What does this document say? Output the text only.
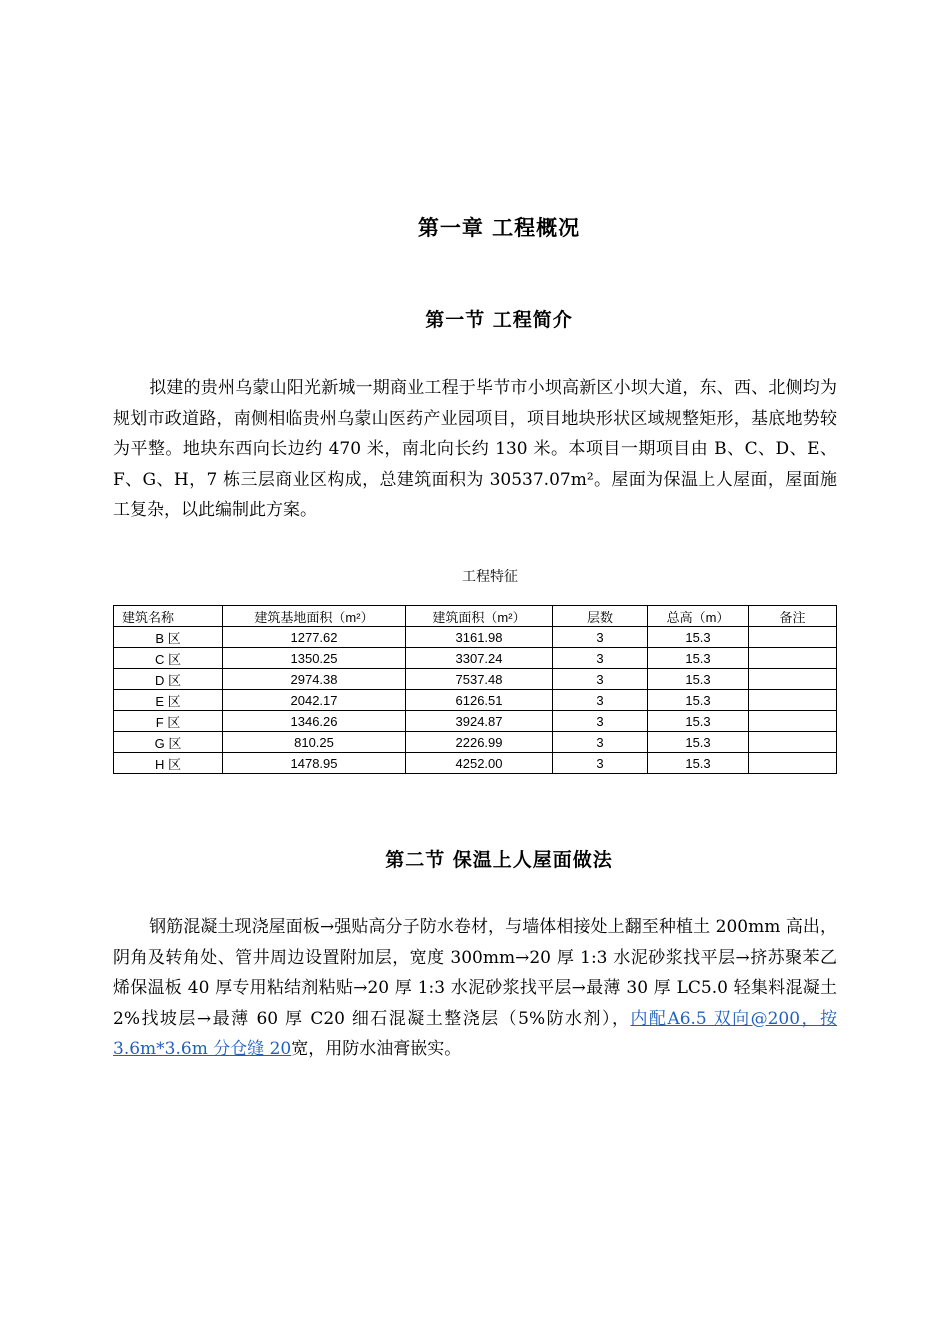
第一章 工程概况
第一节 工程简介
拟建的贵州乌蒙山阳光新城一期商业工程于毕节市小坝高新区小坝大道，东、西、北侧均为规划市政道路，南侧相临贵州乌蒙山医药产业园项目，项目地块形状区域规整矩形，基底地势较为平整。地块东西向长边约 470 米，南北向长约 130 米。本项目一期项目由 B、C、D、E、F、G、H，7 栋三层商业区构成，总建筑面积为 30537.07m²。屋面为保温上人屋面，屋面施工复杂，以此编制此方案。
工程特征
建筑名称	建筑基地面积（m²）	建筑面积（m²）	层数	总高（m）	备注
B 区	1277.62	3161.98	3	15.3	
C 区	1350.25	3307.24	3	15.3	
D 区	2974.38	7537.48	3	15.3	
E 区	2042.17	6126.51	3	15.3	
F 区	1346.26	3924.87	3	15.3	
G 区	810.25	2226.99	3	15.3	
H 区	1478.95	4252.00	3	15.3	
第二节 保温上人屋面做法
钢筋混凝土现浇屋面板→强贴高分子防水卷材，与墙体相接处上翻至种植土 200mm 高出，阴角及转角处、管井周边设置附加层，宽度 300mm→20 厚 1:3 水泥砂浆找平层→挤苏聚苯乙烯保温板 40 厚专用粘结剂粘贴→20 厚 1:3 水泥砂浆找平层→最薄 30 厚 LC5.0 轻集料混凝土 2%找坡层→最薄 60 厚 C20 细石混凝土整浇层（5%防水剂），内配A6.5 双向@200，按 3.6m*3.6m 分仓缝 20宽，用防水油膏嵌实。
